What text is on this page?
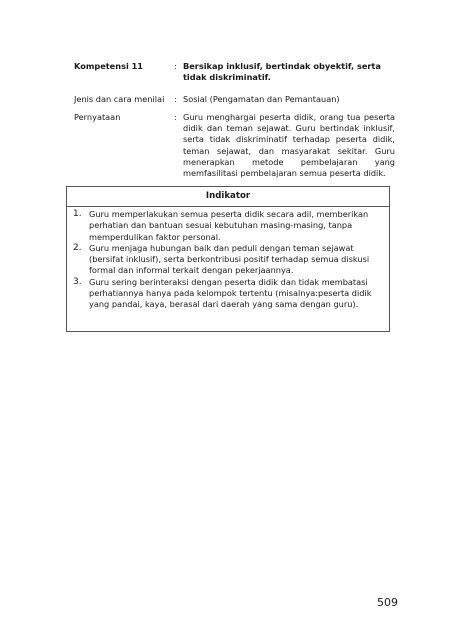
Kompetensi 11	: Bersikap inklusif, bertindak obyektif, serta tidak diskriminatif.
Jenis dan cara menilai : Sosial (Pengamatan dan Pemantauan)
Pernyataan	: Guru menghargai peserta didik, orang tua peserta didik dan teman sejawat. Guru bertindak inklusif, serta tidak diskriminatif terhadap peserta didik, teman sejawat, dan masyarakat sekitar. Guru menerapkan metode pembelajaran yang memfasilitasi pembelajaran semua peserta didik.
Indikator
1. Guru memperlakukan semua peserta didik secara adil, memberikan perhatian dan bantuan sesuai kebutuhan masing-masing, tanpa memperdulikan faktor personal.
2. Guru menjaga hubungan baik dan peduli dengan teman sejawat (bersifat inklusif), serta berkontribusi positif terhadap semua diskusi formal dan informal terkait dengan pekerjaannya.
3. Guru sering berinteraksi dengan peserta didik dan tidak membatasi perhatiannya hanya pada kelompok tertentu (misalnya:peserta didik yang pandai, kaya, berasal dari daerah yang sama dengan guru).
509
